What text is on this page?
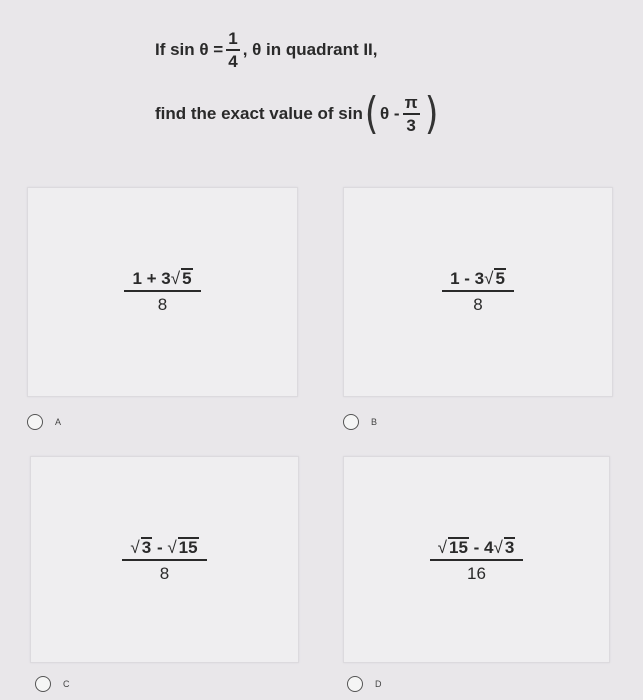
If $\sin \theta = \frac{1}{4}$ , θ in quadrant II,
find the exact value of sin ( θ - $\frac{\pi}{3}$ )
$\frac{1 + 3√ 5}{8}$
A
$\frac{1 - 3√ 5}{8}$
B
$\frac{√ 3 - √ 15}{8}$
C
$\frac{√ 15 - 4√ 3}{16}$
D
